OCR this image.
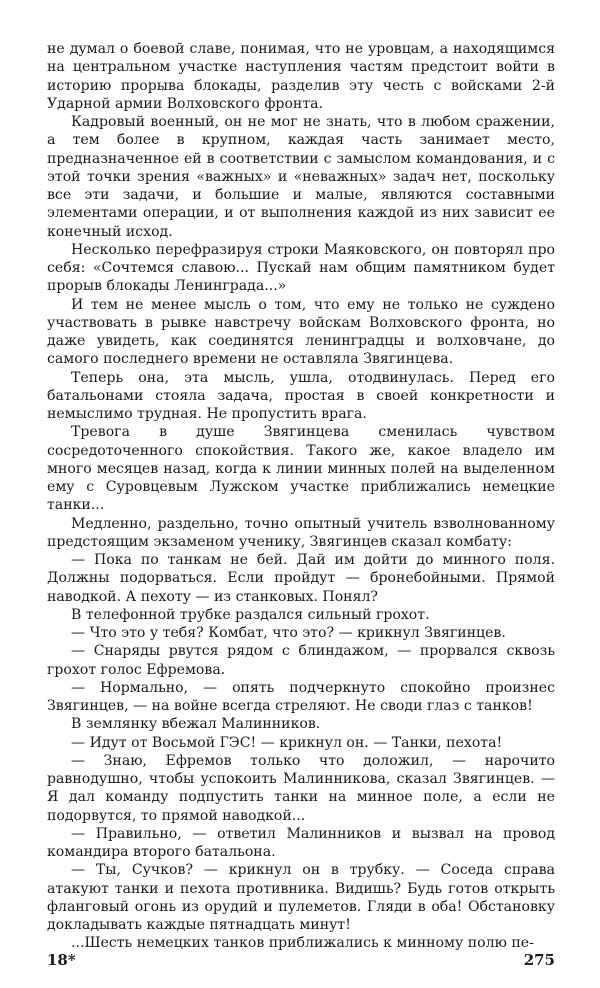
не думал о боевой славе, понимая, что не уровцам, а находящимся на центральном участке наступления частям предстоит войти в историю прорыва блокады, разделив эту честь с войсками 2-й Ударной армии Волховского фронта.

Кадровый военный, он не мог не знать, что в любом сражении, а тем более в крупном, каждая часть занимает место, предназначенное ей в соответствии с замыслом командования, и с этой точки зрения «важных» и «неважных» задач нет, поскольку все эти задачи, и большие и малые, являются составными элементами операции, и от выполнения каждой из них зависит ее конечный исход.

Несколько перефразируя строки Маяковского, он повторял про себя: «Сочтемся славою... Пускай нам общим памятником будет прорыв блокады Ленинграда...»

И тем не менее мысль о том, что ему не только не суждено участвовать в рывке навстречу войскам Волховского фронта, но даже увидеть, как соединятся ленинградцы и волховчане, до самого последнего времени не оставляла Звягинцева.

Теперь она, эта мысль, ушла, отодвинулась. Перед его батальонами стояла задача, простая в своей конкретности и немыслимо трудная. Не пропустить врага.

Тревога в душе Звягинцева сменилась чувством сосредоточенного спокойствия. Такого же, какое владело им много месяцев назад, когда к линии минных полей на выделенном ему с Суровцевым Лужском участке приближались немецкие танки...

Медленно, раздельно, точно опытный учитель взволнованному предстоящим экзаменом ученику, Звягинцев сказал комбату:

— Пока по танкам не бей. Дай им дойти до минного поля. Должны подорваться. Если пройдут — бронебойными. Прямой наводкой. А пехоту — из станковых. Понял?

В телефонной трубке раздался сильный грохот.

— Что это у тебя? Комбат, что это? — крикнул Звягинцев.

— Снаряды рвутся рядом с блиндажом, — прорвался сквозь грохот голос Ефремова.

— Нормально, — опять подчеркнуто спокойно произнес Звягинцев, — на войне всегда стреляют. Не своди глаз с танков!

В землянку вбежал Малинников.

— Идут от Восьмой ГЭС! — крикнул он. — Танки, пехота!

— Знаю, Ефремов только что доложил, — нарочито равнодушно, чтобы успокоить Малинникова, сказал Звягинцев. — Я дал команду подпустить танки на минное поле, а если не подорвутся, то прямой наводкой...

— Правильно, — ответил Малинников и вызвал на провод командира второго батальона.

— Ты, Сучков? — крикнул он в трубку. — Соседа справа атакуют танки и пехота противника. Видишь? Будь готов открыть фланговый огонь из орудий и пулеметов. Гляди в оба! Обстановку докладывать каждые пятнадцать минут!

...Шесть немецких танков приближались к минному полю пе-

18*	275
